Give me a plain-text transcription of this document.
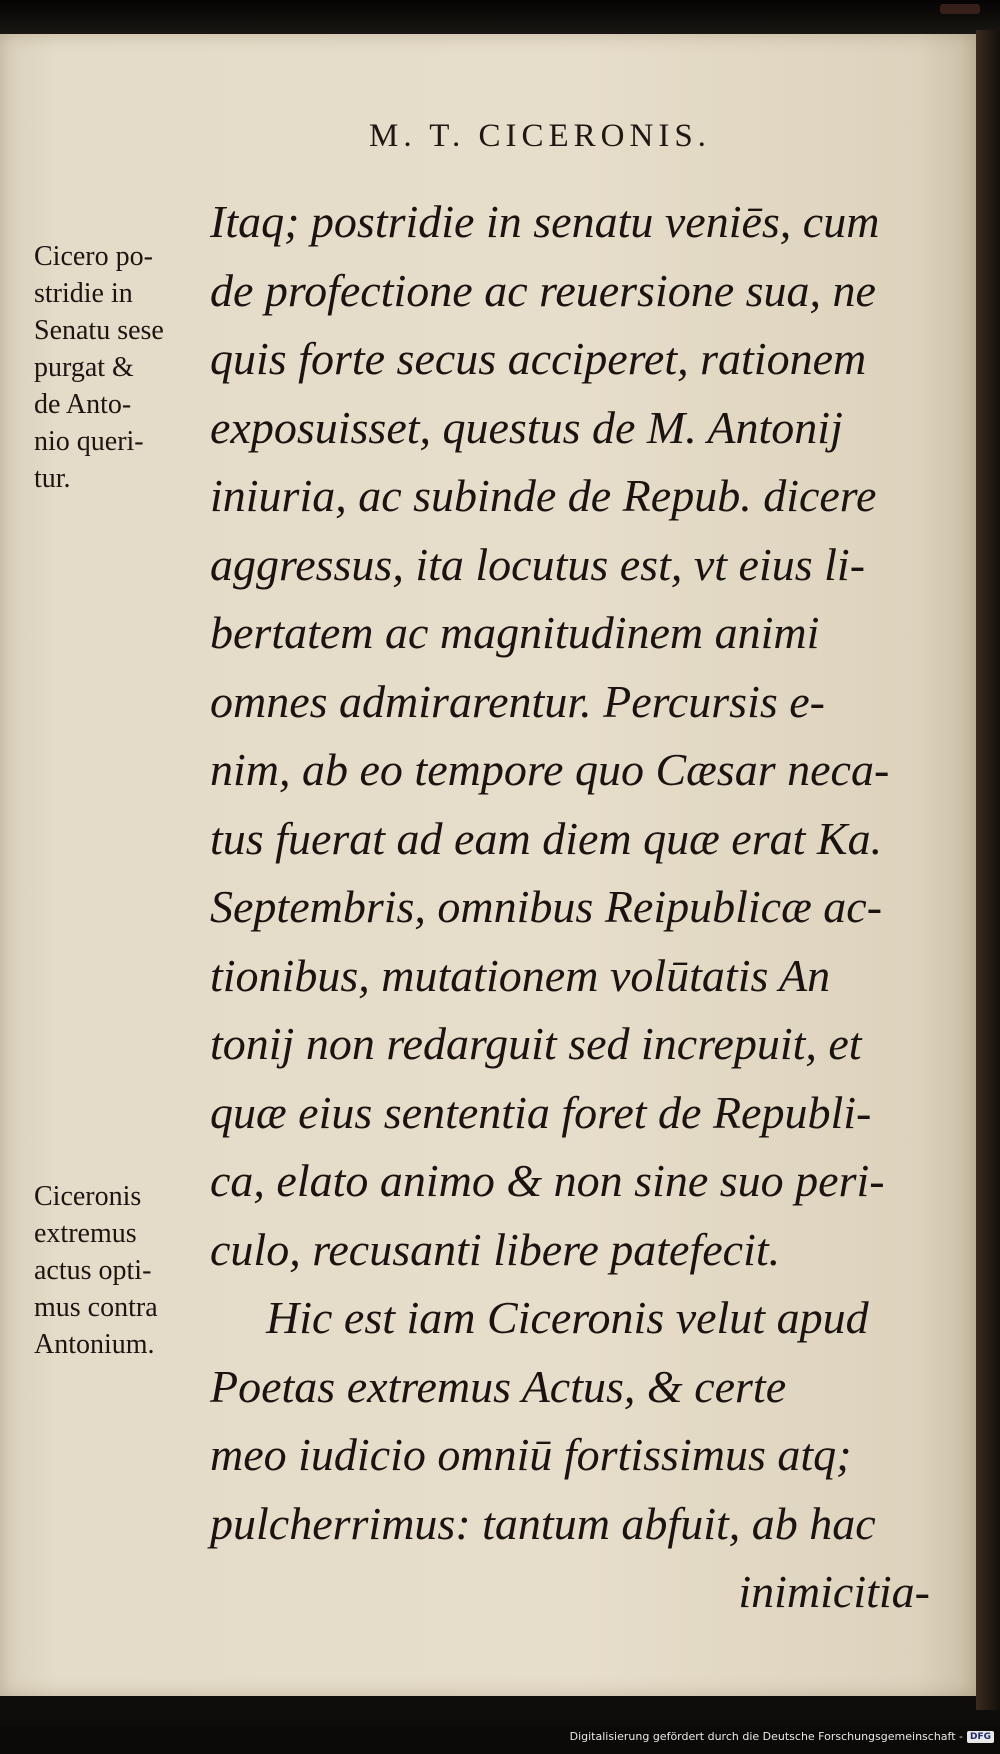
M. T. CICERONIS.
Itaq; postridie in senatu veniēs, cum
de profectione ac reuersione sua, ne
quis forte secus acciperet, rationem
exposuisset, questus de M. Antonij
iniuria, ac subinde de Repub. dicere
aggressus, ita locutus est, vt eius li-
bertatem ac magnitudinem animi
omnes admirarentur. Percursis e-
nim, ab eo tempore quo Cæsar neca-
tus fuerat ad eam diem quæ erat Ka.
Septembris, omnibus Reipublicæ ac-
tionibus, mutationem volūtatis An
tonij non redarguit sed increpuit, et
quæ eius sententia foret de Republi-
ca, elato animo & non sine suo peri-
culo, recusanti libere patefecit.
Hic est iam Ciceronis velut apud
Poetas extremus Actus, & certe
meo iudicio omniū fortissimus atq;
pulcherrimus: tantum abfuit, ab hac
inimicitia-
Cicero po-
stridie in
Senatu sese
purgat &
de Anto-
nio queri-
tur.
Ciceronis
extremus
actus opti-
mus contra
Antonium.
Digitalisierung gefördert durch die Deutsche Forschungsgemeinschaft - DFG
